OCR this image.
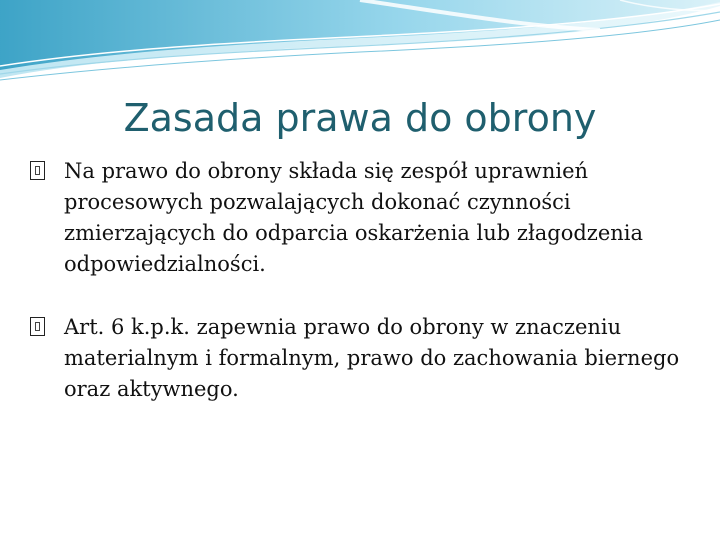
Zasada prawa do obrony
Na prawo do obrony składa się zespół uprawnień procesowych pozwalających dokonać czynności zmierzających do odparcia oskarżenia lub złagodzenia odpowiedzialności.
Art. 6 k.p.k. zapewnia prawo do obrony w znaczeniu materialnym i formalnym, prawo do zachowania biernego oraz aktywnego.
